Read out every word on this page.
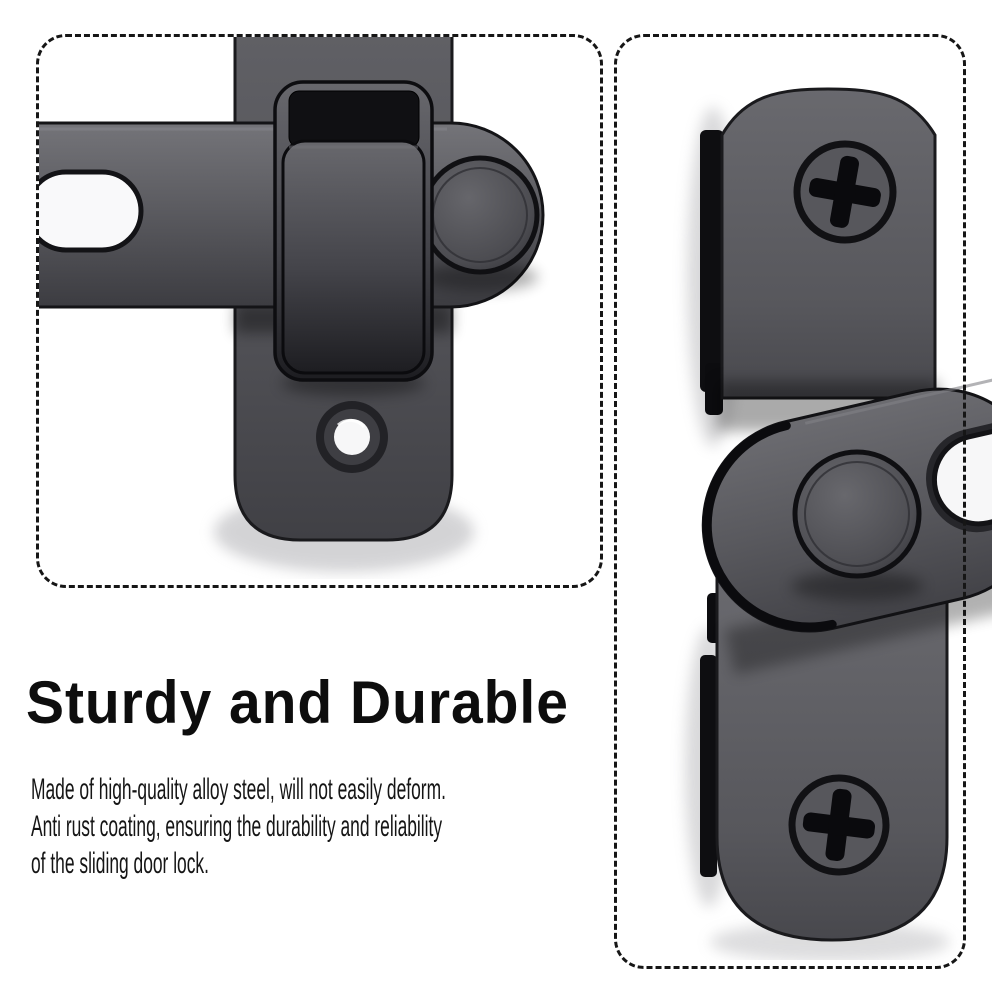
Sturdy and Durable
Made of high-quality alloy steel, will not easily deform.
Anti rust coating, ensuring the durability and reliability
of the sliding door lock.
